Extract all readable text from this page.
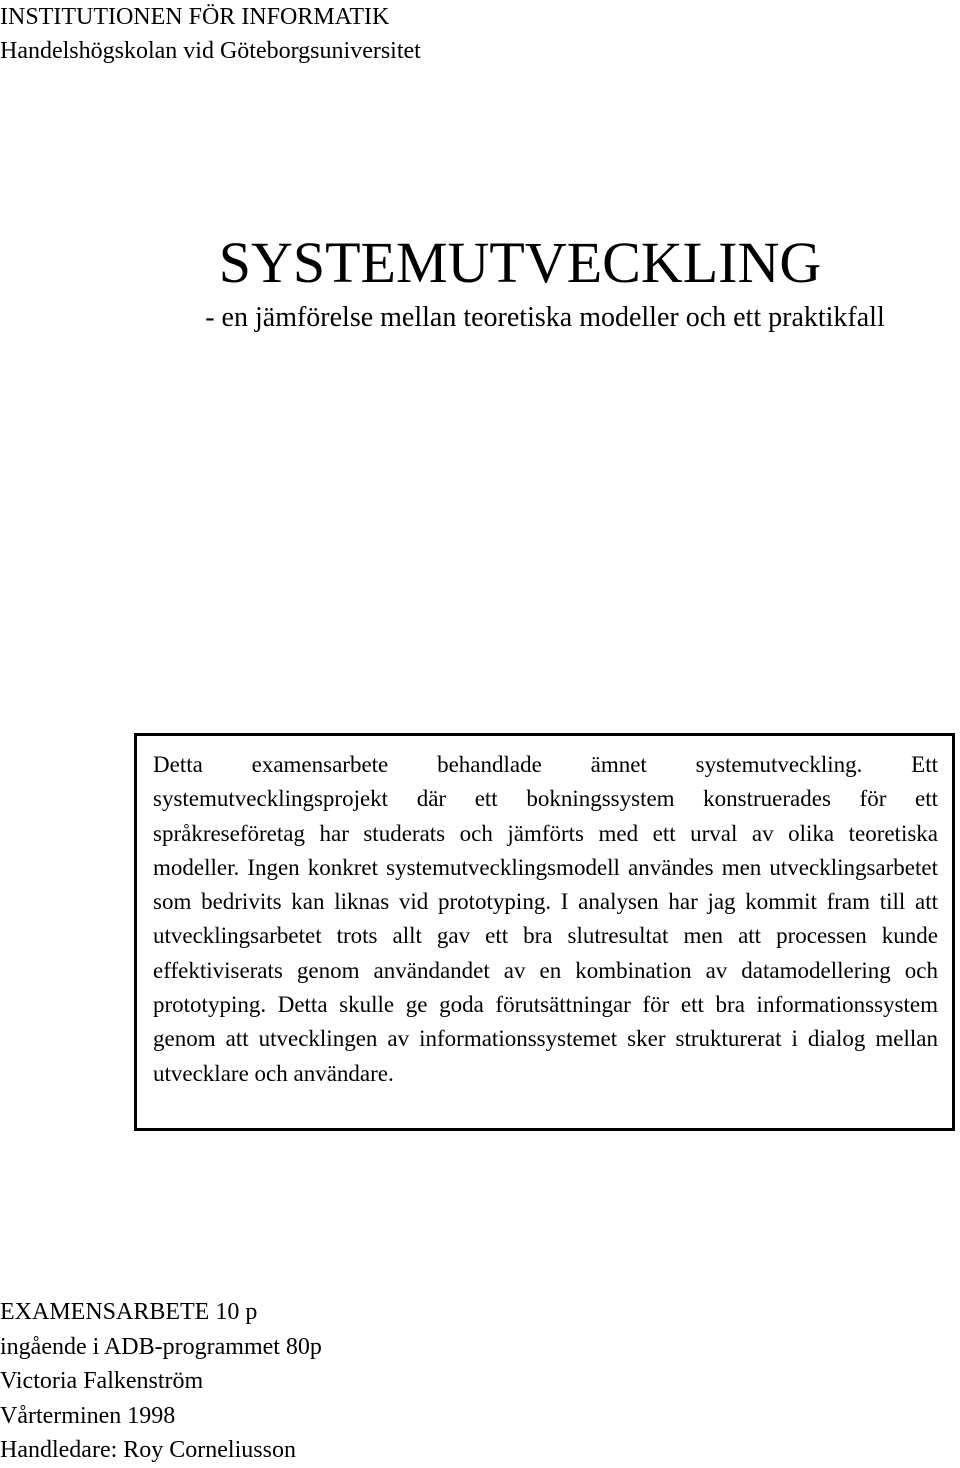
INSTITUTIONEN FÖR INFORMATIK
Handelshögskolan vid Göteborgsuniversitet
SYSTEMUTVECKLING
- en jämförelse mellan teoretiska modeller och ett praktikfall

Detta examensarbete behandlade ämnet systemutveckling. Ett systemutvecklingsprojekt där ett bokningssystem konstruerades för ett språkreseföretag har studerats och jämförts med ett urval av olika teoretiska modeller. Ingen konkret systemutvecklingsmodell användes men utvecklingsarbetet som bedrivits kan liknas vid prototyping. I analysen har jag kommit fram till att utvecklingsarbetet trots allt gav ett bra slutresultat men att processen kunde effektiviserats genom användandet av en kombination av datamodellering och prototyping. Detta skulle ge goda förutsättningar för ett bra informationssystem genom att utvecklingen av informationssystemet sker strukturerat i dialog mellan utvecklare och användare.

EXAMENSARBETE 10 p
ingående i ADB-programmet 80p
Victoria Falkenström
Vårterminen 1998
Handledare: Roy Corneliusson
